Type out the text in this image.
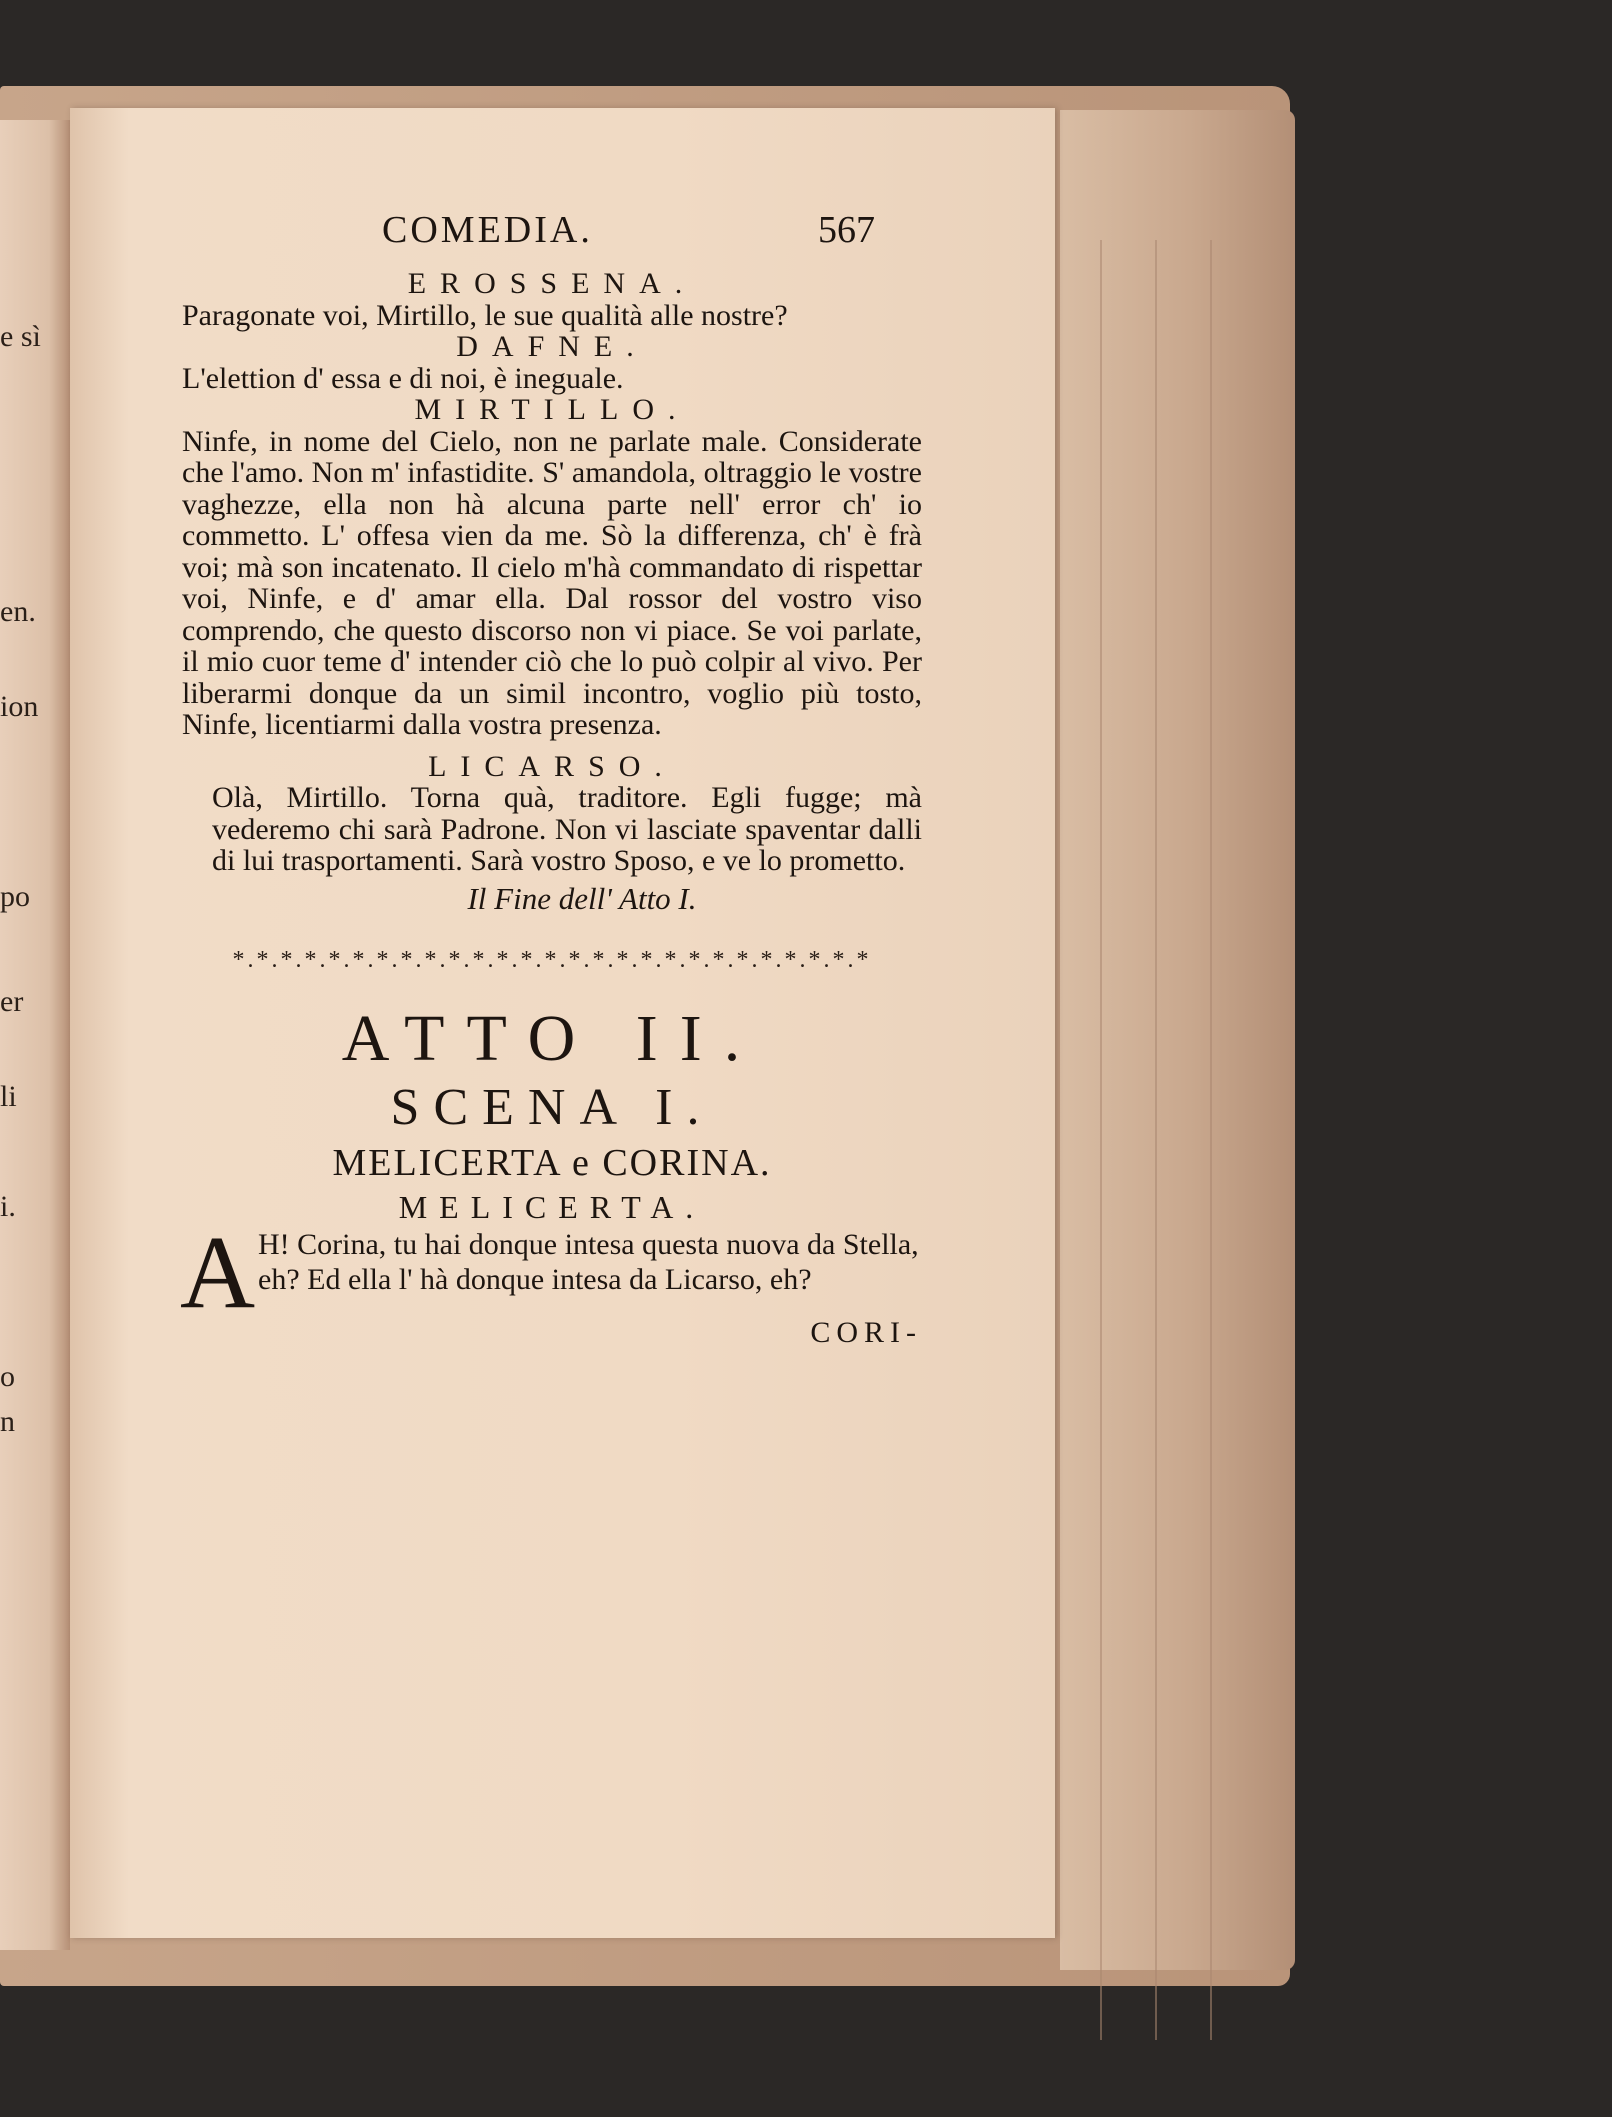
e sì
en.
ion
po
er
li
i.
o
n
COMEDIA.	567

EROSSENA.

Paragonate voi, Mirtillo, le sue qualità alle nostre?

DAFNE.

L'elettion d' essa e di noi, è ineguale.

MIRTILLO.

Ninfe, in nome del Cielo, non ne parlate male. Considerate che l'amo. Non m' infastidite. S' amandola, oltraggio le vostre vaghezze, ella non hà alcuna parte nell' error ch' io commetto. L' offesa vien da me. Sò la differenza, ch' è frà voi; mà son incatenato. Il cielo m'hà commandato di rispettar voi, Ninfe, e d' amar ella. Dal rossor del vostro viso comprendo, che questo discorso non vi piace. Se voi parlate, il mio cuor teme d' intender ciò che lo può colpir al vivo. Per liberarmi donque da un simil incontro, voglio più tosto, Ninfe, licentiarmi dalla vostra presenza.

LICARSO.

Olà, Mirtillo. Torna quà, traditore. Egli fugge; mà vederemo chi sarà Padrone. Non vi lasciate spaventar dalli di lui trasportamenti. Sarà vostro Sposo, e ve lo prometto.

Il Fine dell' Atto I.

*.*.*.*.*.*.*.*.*.*.*.*.*.*.*.*.*.*.*.*.*.*.*.*.*.*.*
ATTO II.
SCENA I.
MELICERTA e CORINA.
MELICERTA.
A H! Corina, tu hai donque intesa questa nuova da Stella, eh? Ed ella l' hà donque intesa da Licarso, eh?
CORI-
